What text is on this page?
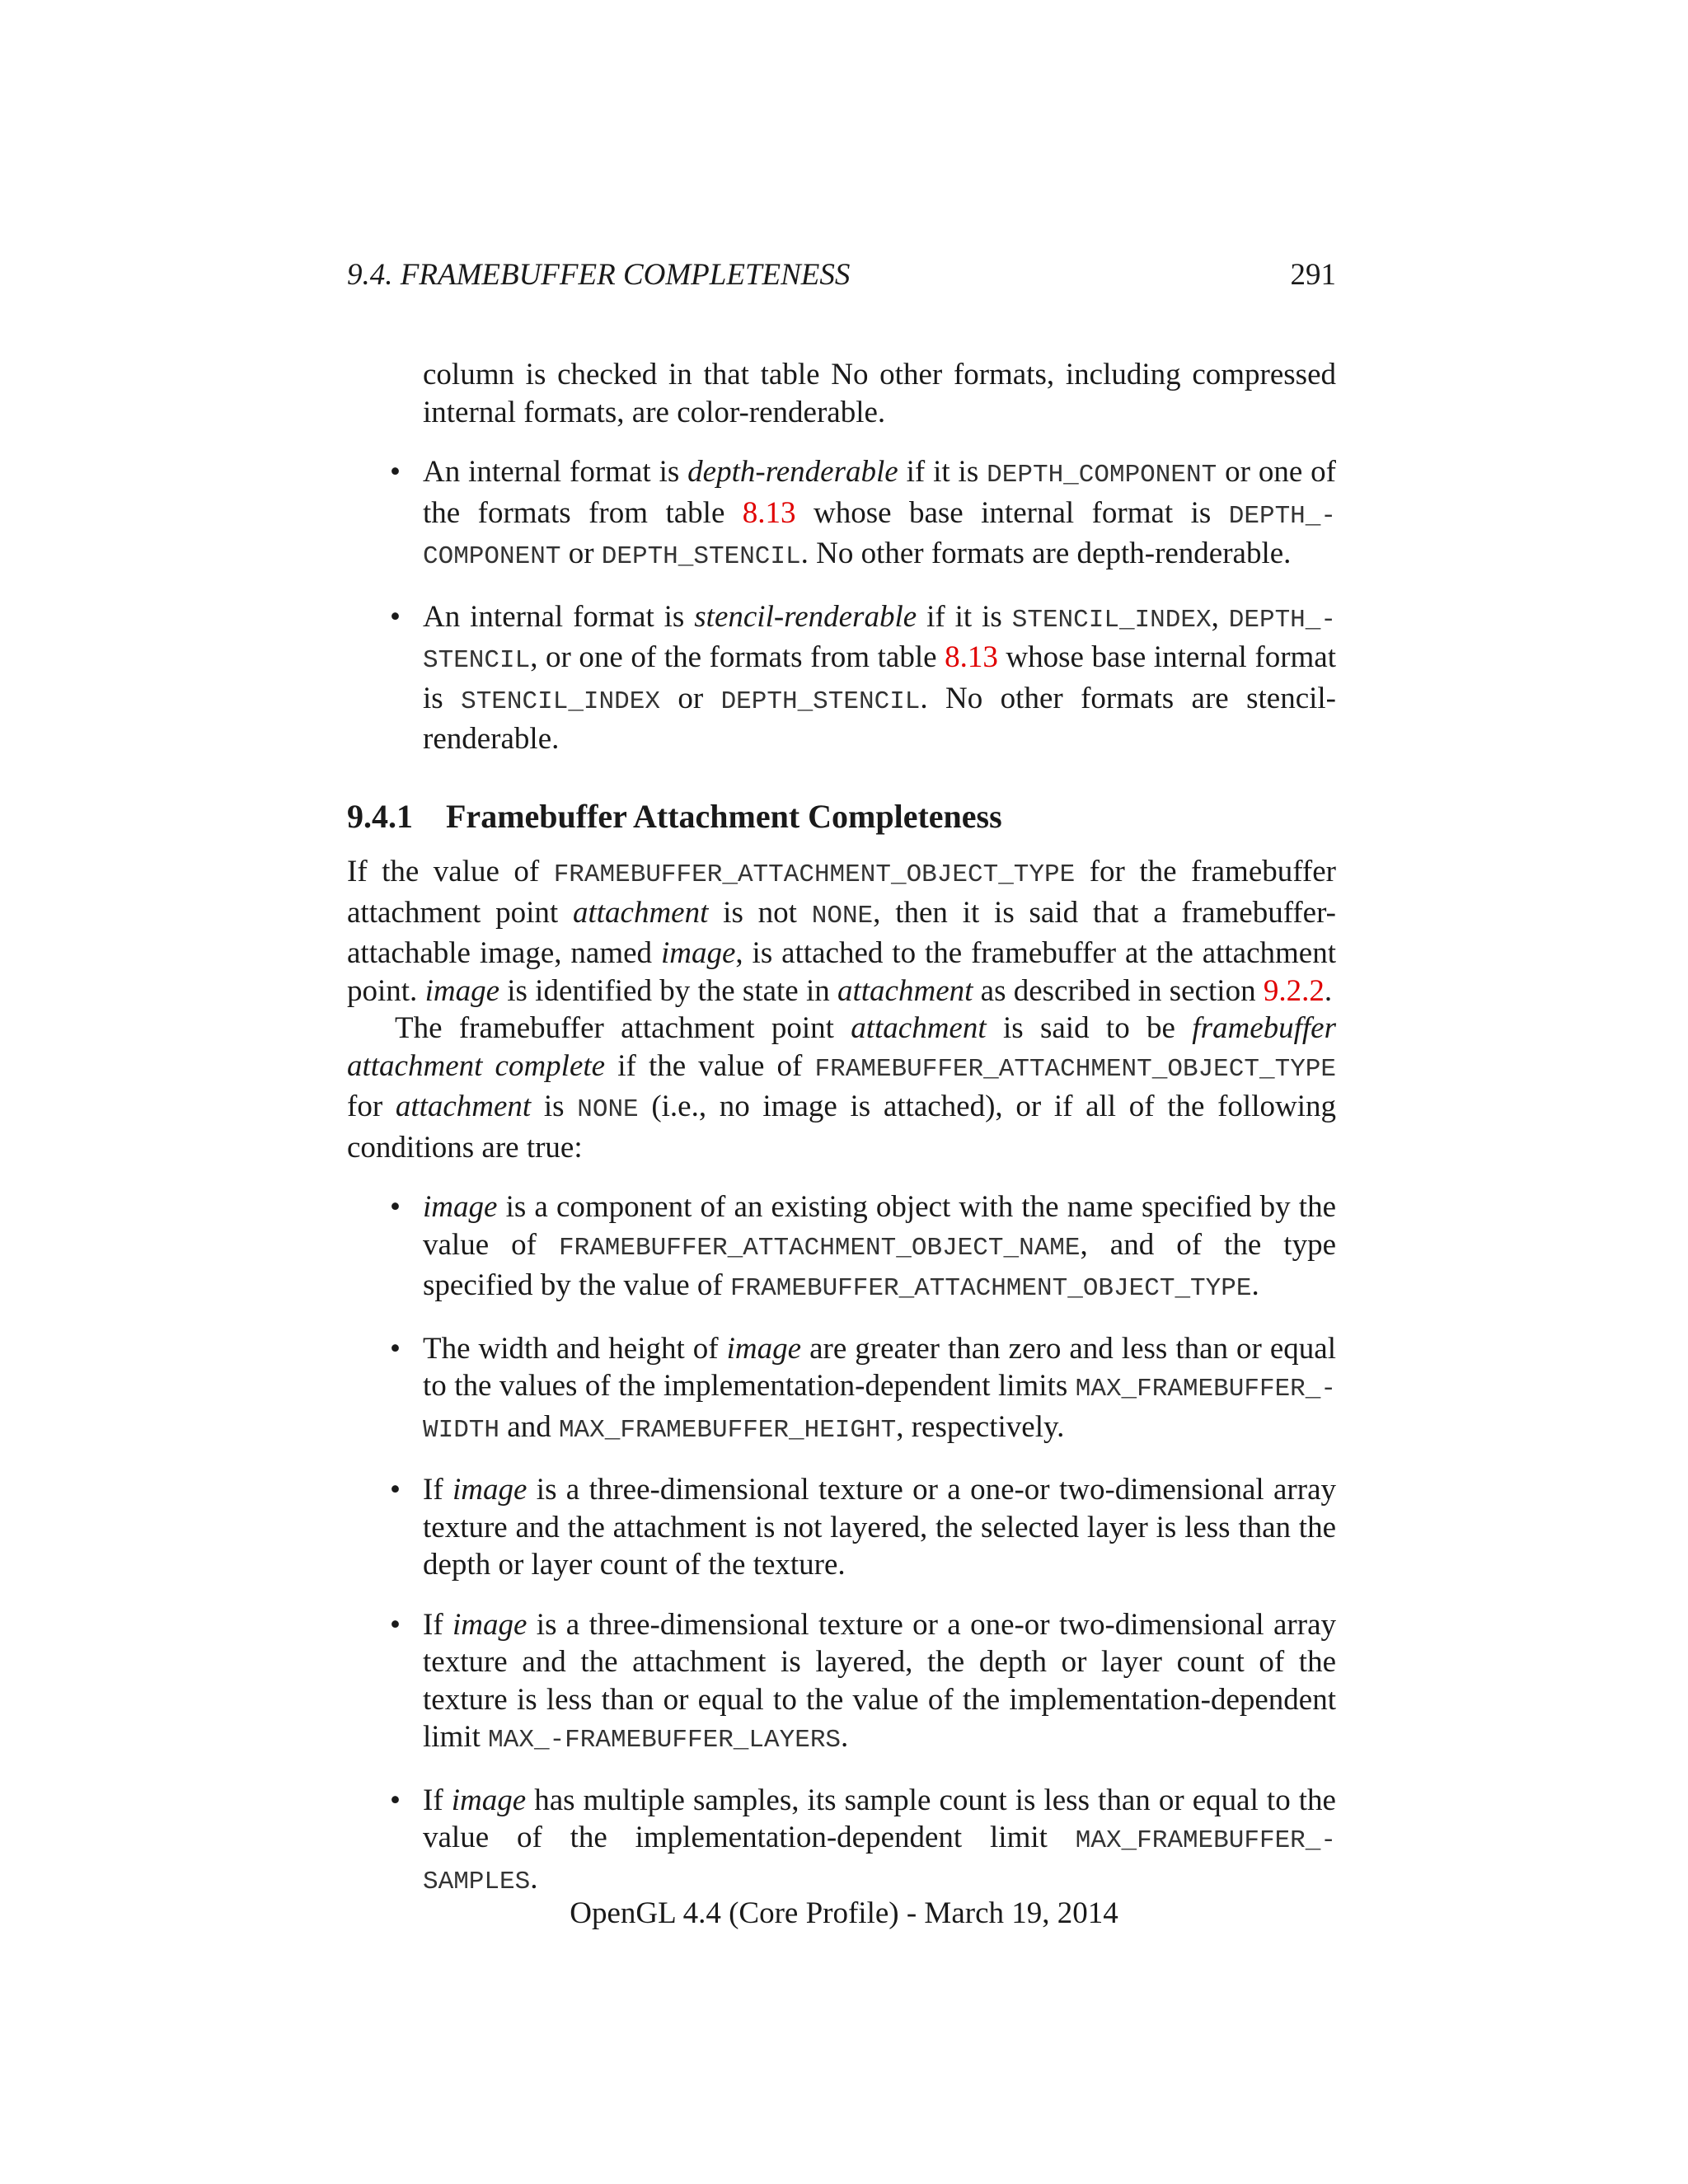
9.4. FRAMEBUFFER COMPLETENESS	291

column is checked in that table No other formats, including compressed internal formats, are color-renderable.

• An internal format is depth-renderable if it is DEPTH_COMPONENT or one of the formats from table 8.13 whose base internal format is DEPTH_-COMPONENT or DEPTH_STENCIL. No other formats are depth-renderable.
• An internal format is stencil-renderable if it is STENCIL_INDEX, DEPTH_-STENCIL, or one of the formats from table 8.13 whose base internal format is STENCIL_INDEX or DEPTH_STENCIL. No other formats are stencil-renderable.
9.4.1 Framebuffer Attachment Completeness

If the value of FRAMEBUFFER_ATTACHMENT_OBJECT_TYPE for the framebuffer attachment point attachment is not NONE, then it is said that a framebuffer-attachable image, named image, is attached to the framebuffer at the attachment point. image is identified by the state in attachment as described in section 9.2.2.

The framebuffer attachment point attachment is said to be framebuffer attachment complete if the value of FRAMEBUFFER_ATTACHMENT_OBJECT_TYPE for attachment is NONE (i.e., no image is attached), or if all of the following conditions are true:

• image is a component of an existing object with the name specified by the value of FRAMEBUFFER_ATTACHMENT_OBJECT_NAME, and of the type specified by the value of FRAMEBUFFER_ATTACHMENT_OBJECT_TYPE.
• The width and height of image are greater than zero and less than or equal to the values of the implementation-dependent limits MAX_FRAMEBUFFER_-WIDTH and MAX_FRAMEBUFFER_HEIGHT, respectively.
• If image is a three-dimensional texture or a one-or two-dimensional array texture and the attachment is not layered, the selected layer is less than the depth or layer count of the texture.
• If image is a three-dimensional texture or a one-or two-dimensional array texture and the attachment is layered, the depth or layer count of the texture is less than or equal to the value of the implementation-dependent limit MAX_-FRAMEBUFFER_LAYERS.
• If image has multiple samples, its sample count is less than or equal to the value of the implementation-dependent limit MAX_FRAMEBUFFER_-SAMPLES.
OpenGL 4.4 (Core Profile) - March 19, 2014
